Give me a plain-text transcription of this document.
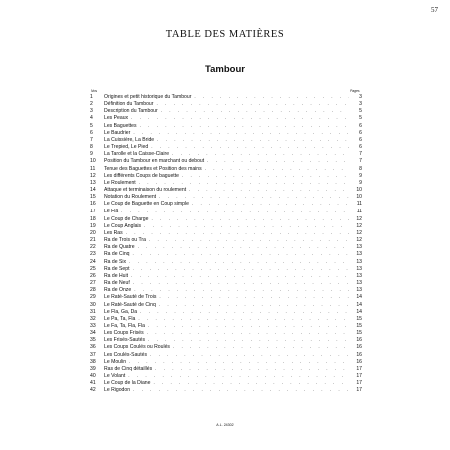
57
TABLE DES MATIÈRES
Tambour
Nos	Pages
1	Origines et petit historique du Tambour . . .	3
2	Définition du Tambour . . .	3
3	Description du Tambour . . .	5
4	Les Peaux . . .	5
5	Les Baguettes . . .	6
6	Le Baudrier . . .	6
7	La Cuissière, La Bride . . .	6
8	Le Trepied, Le Pied . . .	6
9	La Tarolle et la Caisse-Claire . . .	7
10	Position du Tambour en marchant ou debout . . .	7
11	Tenue des Baguettes et Position des mains . . .	8
12	Les différents Coups de baguette . . .	9
13	Le Roulement . . .	9
14	Attaque et terminaison du roulement . . .	10
15	Notation du Roulement . . .	10
16	Le Coup de Baguette en Coup simple . . .	11
17	Le Fla . . .	11
18	Le Coup de Charge . . .	12
19	Le Coup Anglais . . .	12
20	Les Ras . . .	12
21	Ra de Trois ou Tra . . .	12
22	Ra de Quatre . . .	13
23	Ra de Cinq . . .	13
24	Ra de Six . . .	13
25	Ra de Sept . . .	13
26	Ra de Huit . . .	13
27	Ra de Neuf . . .	13
28	Ra de Onze . . .	13
29	Le Raté-Sauté de Trois . . .	14
30	Le Raté-Sauté de Cinq . . .	14
31	Le Fla, Ga, Da . . .	14
32	Le Pa, Ta, Fla . . .	15
33	Le Fa, Ta, Fla, Fla . . .	15
34	Les Coups Frisés . . .	15
35	Les Frisés-Sautés . . .	16
36	Les Coups Coulés ou Roulés . . .	16
37	Les Coulés-Sautés . . .	16
38	Le Moulin . . .	16
39	Ras de Cinq détaillés . . .	17
40	Le Volant . . .	17
41	Le Coup de la Diane . . .	17
42	Le Rigodon . . .	17
A.L. 24302
